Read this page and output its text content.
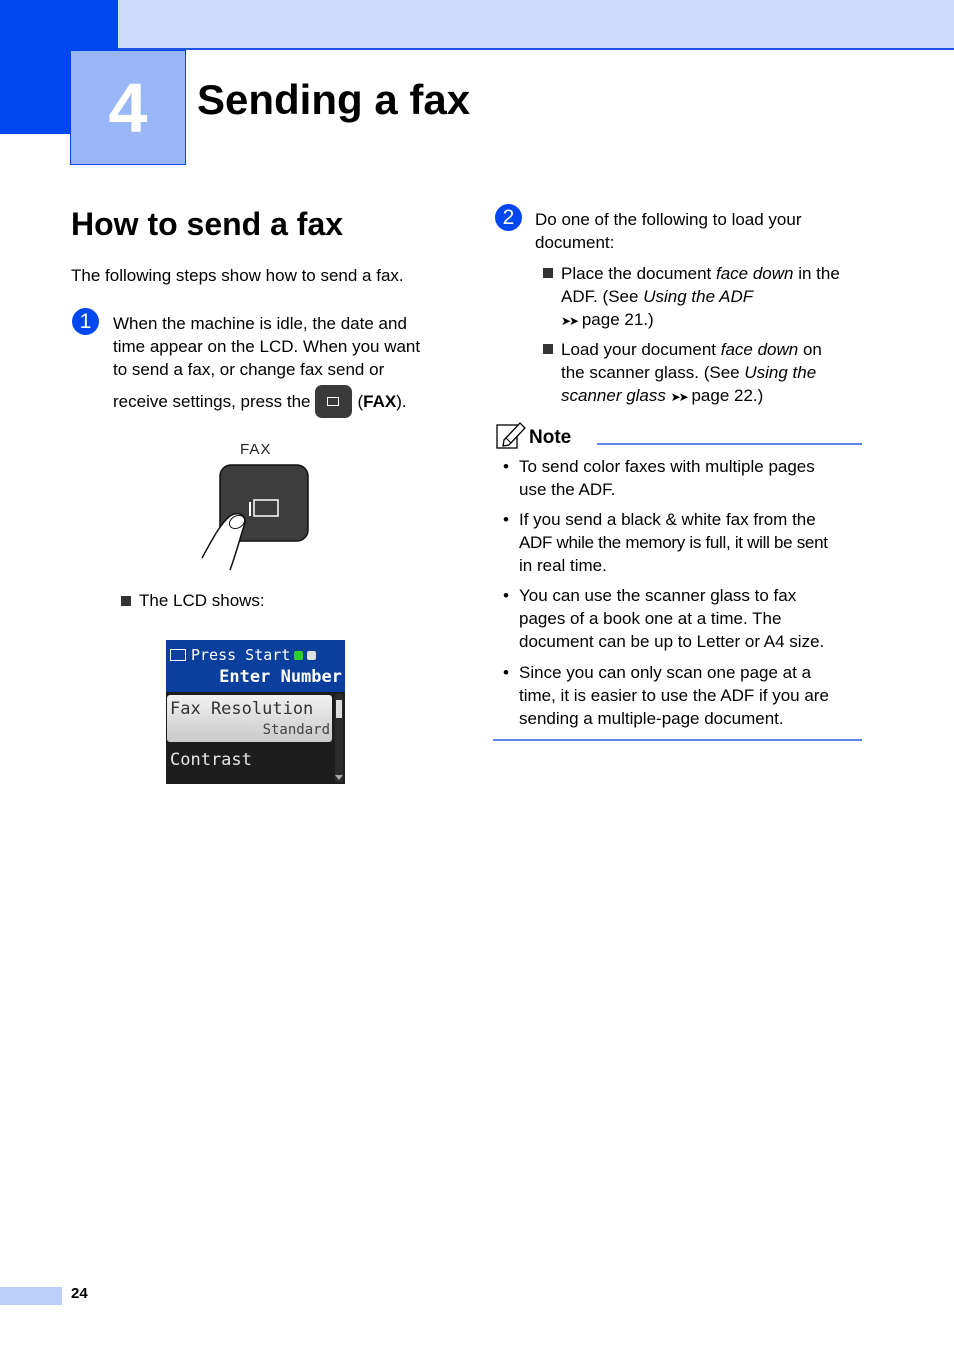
4	Sending a fax
How to send a fax
The following steps show how to send a fax.
1	When the machine is idle, the date and
time appear on the LCD. When you want
to send a fax, or change fax send or
receive settings, press the	( FAX ).
FAX
The LCD shows:
Press Start
Enter Number
Fax Resolution
Standard
Contrast
2	Do one of the following to load your
document:
Place the document face down in the
ADF. (See Using the ADF
➤➤ page 21.)
Load your document face down on
the scanner glass. (See Using the
scanner glass ➤➤ page 22.)
Note
• To send color faxes with multiple pages
use the ADF.
• If you send a black & white fax from the
ADF while the memory is full, it will be sent
in real time.
• You can use the scanner glass to fax
pages of a book one at a time. The
document can be up to Letter or A4 size.
• Since you can only scan one page at a
time, it is easier to use the ADF if you are
sending a multiple-page document.
24
